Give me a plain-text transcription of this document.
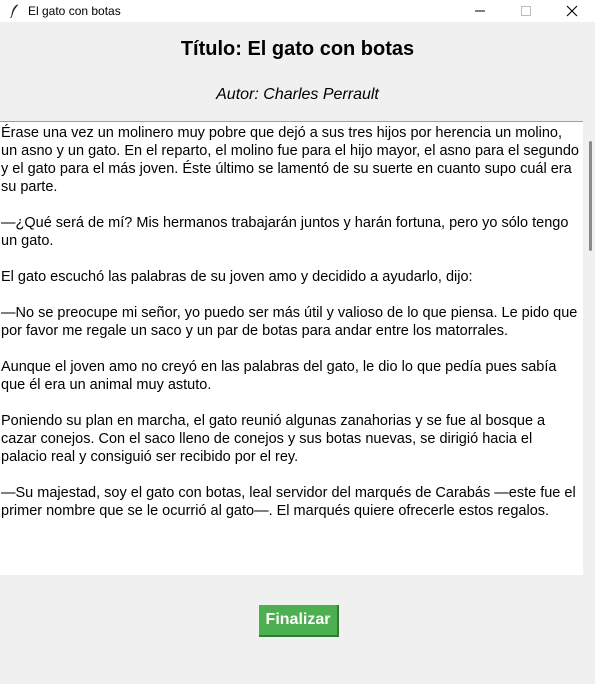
El gato con botas
Título: El gato con botas
Autor: Charles Perrault

Érase una vez un molinero muy pobre que dejó a sus tres hijos por herencia un molino, un asno y un gato. En el reparto, el molino fue para el hijo mayor, el asno para el segundo y el gato para el más joven. Éste último se lamentó de su suerte en cuanto supo cuál era su parte.

—¿Qué será de mí? Mis hermanos trabajarán juntos y harán fortuna, pero yo sólo tengo un gato.

El gato escuchó las palabras de su joven amo y decidido a ayudarlo, dijo:

—No se preocupe mi señor, yo puedo ser más útil y valioso de lo que piensa. Le pido que por favor me regale un saco y un par de botas para andar entre los matorrales.

Aunque el joven amo no creyó en las palabras del gato, le dio lo que pedía pues sabía que él era un animal muy astuto.

Poniendo su plan en marcha, el gato reunió algunas zanahorias y se fue al bosque a cazar conejos. Con el saco lleno de conejos y sus botas nuevas, se dirigió hacia el palacio real y consiguió ser recibido por el rey.

—Su majestad, soy el gato con botas, leal servidor del marqués de Carabás —este fue el primer nombre que se le ocurrió al gato—. El marqués quiere ofrecerle estos regalos.

Finalizar
